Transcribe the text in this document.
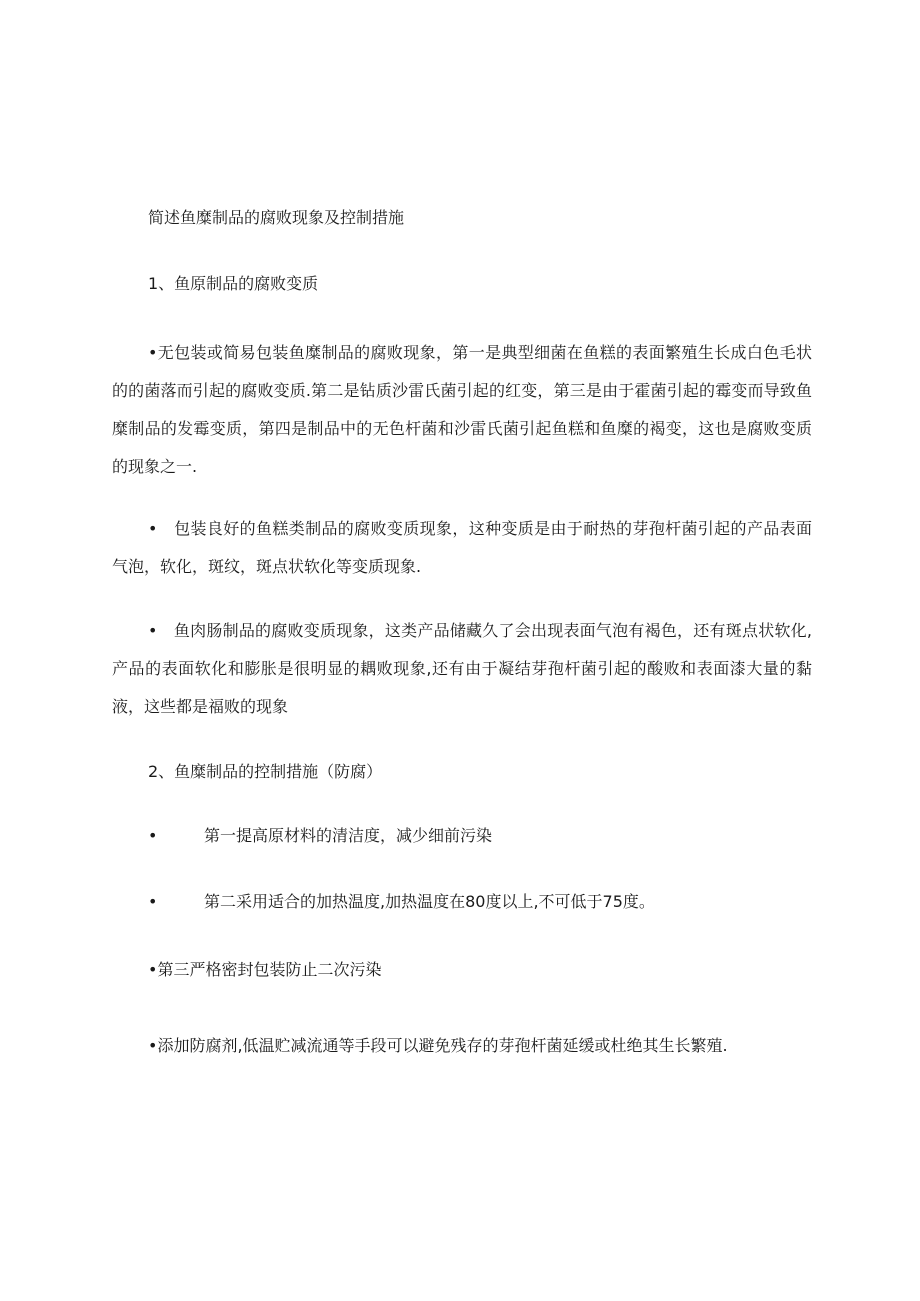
简述鱼糜制品的腐败现象及控制措施
1、鱼原制品的腐败变质
•无包装或简易包装鱼糜制品的腐败现象，第一是典型细菌在鱼糕的表面繁殖生长成白色毛状的的菌落而引起的腐败变质.第二是钻质沙雷氏菌引起的红变，第三是由于霍菌引起的霉变而导致鱼糜制品的发霉变质，第四是制品中的无色杆菌和沙雷氏菌引起鱼糕和鱼糜的褐变，这也是腐败变质的现象之一.
•　包装良好的鱼糕类制品的腐败变质现象，这种变质是由于耐热的芽孢杆菌引起的产品表面气泡，软化，斑纹，斑点状软化等变质现象.
•　鱼肉肠制品的腐败变质现象，这类产品储藏久了会出现表面气泡有褐色，还有斑点状软化,产品的表面软化和膨胀是很明显的耦败现象,还有由于凝结芽孢杆菌引起的酸败和表面漆大量的黏液，这些都是福败的现象
2、鱼糜制品的控制措施（防腐）
•	第一提高原材料的清洁度，减少细前污染
•	第二采用适合的加热温度,加热温度在80度以上,不可低于75度。
•第三严格密封包装防止二次污染
•添加防腐剂,低温贮减流通等手段可以避免残存的芽孢杆菌延缓或杜绝其生长繁殖.
